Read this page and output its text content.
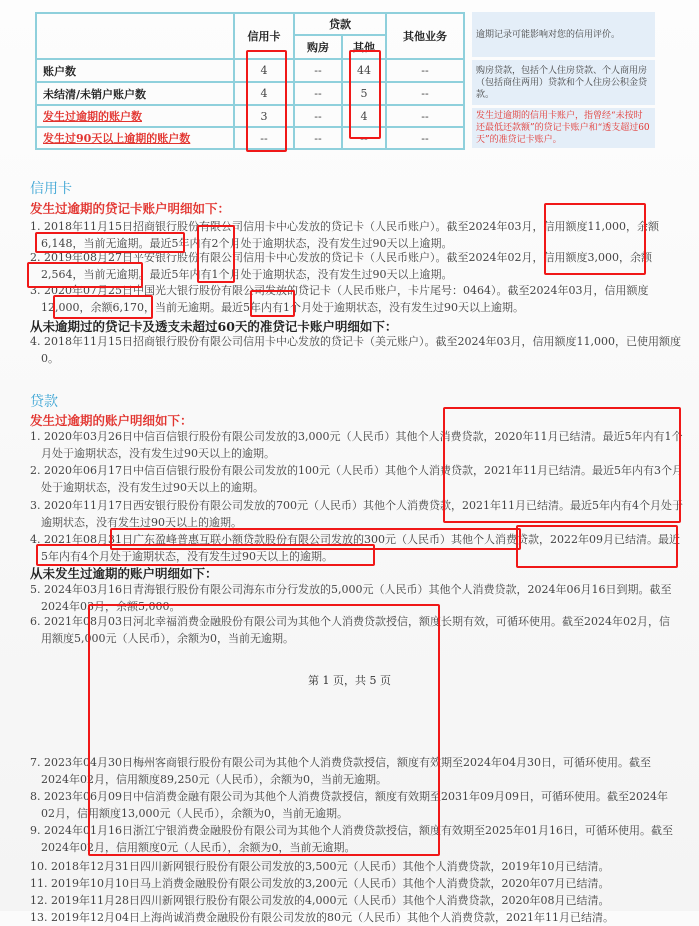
	信用卡	贷款		其他业务
		购房	其他	
账户数	4	--	44	--
未结清/未销户账户数	4	--	5	--
发生过逾期的账户数	3	--	4	--
发生过90天以上逾期的账户数	--	--	--	--
逾期记录可能影响对您的信用评价。
购房贷款，包括个人住房贷款、个人商用房（包括商住两用）贷款和个人住房公积金贷款。
发生过逾期的信用卡账户，指曾经“未按时还最低还款额”的贷记卡账户和“透支超过60天”的准贷记卡账户。
信用卡
发生过逾期的贷记卡账户明细如下：
从未逾期过的贷记卡及透支未超过60天的准贷记卡账户明细如下：
贷款
发生过逾期的账户明细如下：
从未发生过逾期的账户明细如下：
第 1 页，共 5 页
1. 2018年11月15日招商银行股份有限公司信用卡中心发放的贷记卡（人民币账户）。截至2024年03月，信用额度11,000，余额
6,148，当前无逾期。最近5年内有2个月处于逾期状态，没有发生过90天以上逾期。
2. 2019年08月27日平安银行股份有限公司信用卡中心发放的贷记卡（人民币账户）。截至2024年02月，信用额度3,000，余额
2,564，当前无逾期。最近5年内有1个月处于逾期状态，没有发生过90天以上逾期。
3. 2020年07月25日中国光大银行股份有限公司发放的贷记卡（人民币账户，卡片尾号：0464）。截至2024年03月，信用额度
12,000，余额6,170，当前无逾期。最近5年内有1个月处于逾期状态，没有发生过90天以上逾期。
4. 2018年11月15日招商银行股份有限公司信用卡中心发放的贷记卡（美元账户）。截至2024年03月，信用额度11,000，已使用额度
0。
1. 2020年03月26日中信百信银行股份有限公司发放的3,000元（人民币）其他个人消费贷款，2020年11月已结清。最近5年内有1个
月处于逾期状态，没有发生过90天以上的逾期。
2. 2020年06月17日中信百信银行股份有限公司发放的100元（人民币）其他个人消费贷款，2021年11月已结清。最近5年内有3个月
处于逾期状态，没有发生过90天以上的逾期。
3. 2020年11月17日西安银行股份有限公司发放的700元（人民币）其他个人消费贷款，2021年11月已结清。最近5年内有4个月处于
逾期状态，没有发生过90天以上的逾期。
4. 2021年08月31日广东盈峰普惠互联小额贷款股份有限公司发放的300元（人民币）其他个人消费贷款，2022年09月已结清。最近
5年内有4个月处于逾期状态，没有发生过90天以上的逾期。
5. 2024年03月16日青海银行股份有限公司海东市分行发放的5,000元（人民币）其他个人消费贷款，2024年06月16日到期。截至
2024年03月，余额5,000。
6. 2021年08月03日河北幸福消费金融股份有限公司为其他个人消费贷款授信，额度长期有效，可循环使用。截至2024年02月，信
用额度5,000元（人民币），余额为0，当前无逾期。
7. 2023年04月30日梅州客商银行股份有限公司为其他个人消费贷款授信，额度有效期至2024年04月30日，可循环使用。截至
2024年02月，信用额度89,250元（人民币），余额为0，当前无逾期。
8. 2023年06月09日中信消费金融有限公司为其他个人消费贷款授信，额度有效期至2031年09月09日，可循环使用。截至2024年
02月，信用额度13,000元（人民币），余额为0，当前无逾期。
9. 2024年01月16日浙江宁银消费金融股份有限公司为其他个人消费贷款授信，额度有效期至2025年01月16日，可循环使用。截至
2024年02月，信用额度0元（人民币），余额为0，当前无逾期。
10. 2018年12月31日四川新网银行股份有限公司发放的3,500元（人民币）其他个人消费贷款，2019年10月已结清。
11. 2019年10月10日马上消费金融股份有限公司发放的3,200元（人民币）其他个人消费贷款，2020年07月已结清。
12. 2019年11月28日四川新网银行股份有限公司发放的4,000元（人民币）其他个人消费贷款，2020年08月已结清。
13. 2019年12月04日上海尚诚消费金融股份有限公司发放的80元（人民币）其他个人消费贷款，2021年11月已结清。
